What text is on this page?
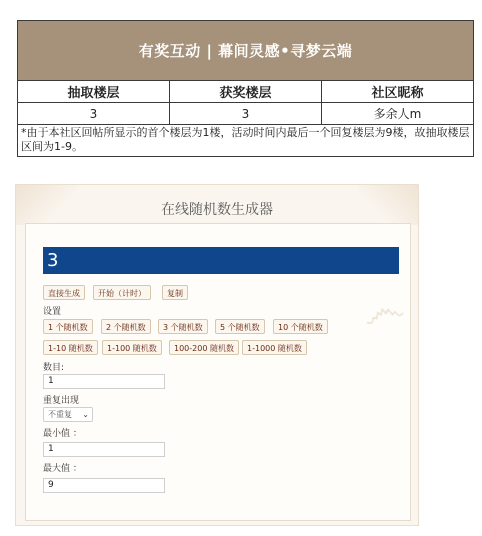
有奖互动 | 幕间灵感•寻梦云端		
抽取楼层	获奖楼层	社区昵称
3	3	多余人m
*由于本社区回帖所显示的首个楼层为1楼，活动时间内最后一个回复楼层为9楼，故抽取楼层区间为1-9。		
在线随机数生成器
෴
3
直接生成	开始（计时）	复制
设置
1 个随机数	2 个随机数	3 个随机数	5 个随机数	10 个随机数
1-10 随机数	1-100 随机数	100-200 随机数	1-1000 随机数
数目:
1
重复出现
不重复 ⌄
最小值 ：
1
最大值 ：
9
